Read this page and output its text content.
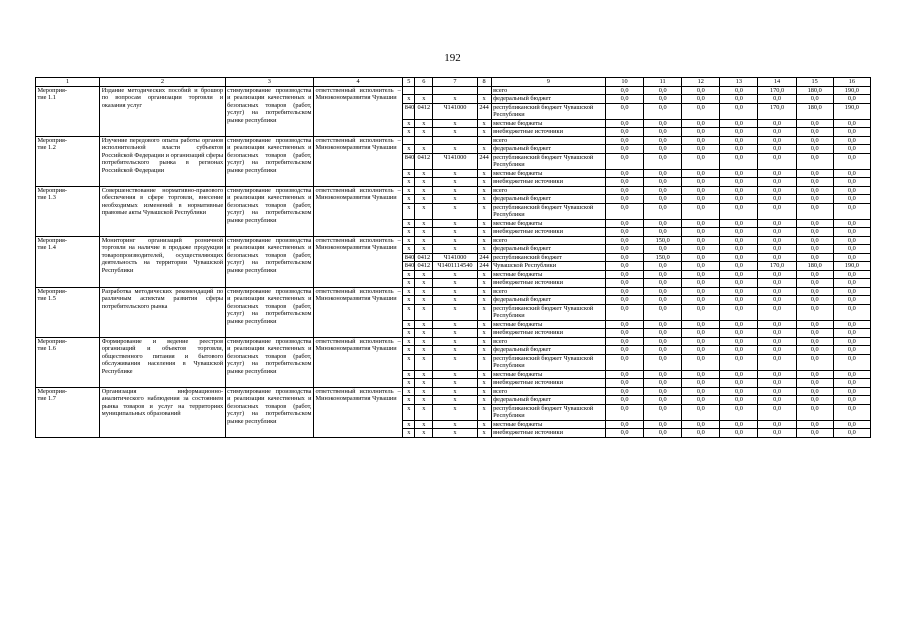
192
1	2	3	4	5	6	7	8	9	10	11	12	13	14	15	16
Мероприя-
тие 1.1	Издание методических пособий и брошюр по вопросам организации торговли и оказания услуг	стимулирование производства и реализации качественных и безопасных товаров (работ, услуг) на потребительском рынке республики	ответственный исполнитель – Минэкономразвития Чувашии					всего	0,0	0,0	0,0	0,0	170,0	180,0	190,0
				x	x	x	x	федеральный бюджет	0,0	0,0	0,0	0,0	0,0	0,0	0,0
				840	0412	Ч141000	244	республиканский бюджет Чувашской Республики	0,0	0,0	0,0	0,0	170,0	180,0	190,0
				x	x	x	x	местные бюджеты	0,0	0,0	0,0	0,0	0,0	0,0	0,0
				x	x	x	x	внебюджетные источники	0,0	0,0	0,0	0,0	0,0	0,0	0,0
Мероприя-
тие 1.2	Изучение передового опыта работы органов исполнительной власти субъектов Российской Федерации и организаций сферы потребительского рынка в регионах Российской Федерации	стимулирование производства и реализации качественных и безопасных товаров (работ, услуг) на потребительском рынке республики	ответственный исполнитель – Минэкономразвития Чувашии					всего	0,0	0,0	0,0	0,0	0,0	0,0	0,0
				x	x	x	x	федеральный бюджет	0,0	0,0	0,0	0,0	0,0	0,0	0,0
				840	0412	Ч141000	244	республиканский бюджет Чувашской Республики	0,0	0,0	0,0	0,0	0,0	0,0	0,0
				x	x	x	x	местные бюджеты	0,0	0,0	0,0	0,0	0,0	0,0	0,0
				x	x	x	x	внебюджетные источники	0,0	0,0	0,0	0,0	0,0	0,0	0,0
Мероприя-
тие 1.3	Совершенствование нормативно-правового обеспечения в сфере торговли, внесение необходимых изменений в нормативные правовые акты Чувашской Республики	стимулирование производства и реализации качественных и безопасных товаров (работ, услуг) на потребительском рынке республики	ответственный исполнитель – Минэкономразвития Чувашии	x	x	x	x	всего	0,0	0,0	0,0	0,0	0,0	0,0	0,0
				x	x	x	x	федеральный бюджет	0,0	0,0	0,0	0,0	0,0	0,0	0,0
				x	x	x	x	республиканский бюджет Чувашской Республики	0,0	0,0	0,0	0,0	0,0	0,0	0,0
				x	x	x	x	местные бюджеты	0,0	0,0	0,0	0,0	0,0	0,0	0,0
				x	x	x	x	внебюджетные источники	0,0	0,0	0,0	0,0	0,0	0,0	0,0
Мероприя-
тие 1.4	Мониторинг организаций розничной торговли на наличие в продаже продукции товаропроизводителей, осуществляющих деятельность на территории Чувашской Республики	стимулирование производства и реализации качественных и безопасных товаров (работ, услуг) на потребительском рынке республики	ответственный исполнитель – Минэкономразвития Чувашии	x	x	x	x	всего	0,0	150,0	0,0	0,0	0,0	0,0	0,0
				x	x	x	x	федеральный бюджет	0,0	0,0	0,0	0,0	0,0	0,0	0,0
				840	0412	Ч141000	244	республиканский бюджет	0,0	150,0	0,0	0,0	0,0	0,0	0,0
				840	0412	Ч1401114540	244	Чувашской Республики	0,0	0,0	0,0	0,0	170,0	180,0	190,0
				x	x	x	x	местные бюджеты	0,0	0,0	0,0	0,0	0,0	0,0	0,0
				x	x	x	x	внебюджетные источники	0,0	0,0	0,0	0,0	0,0	0,0	0,0
Мероприя-
тие 1.5	Разработка методических рекомендаций по различным аспектам развития сферы потребительского рынка	стимулирование производства и реализации качественных и безопасных товаров (работ, услуг) на потребительском рынке республики	ответственный исполнитель – Минэкономразвития Чувашии	x	x	x	x	всего	0,0	0,0	0,0	0,0	0,0	0,0	0,0
				x	x	x	x	федеральный бюджет	0,0	0,0	0,0	0,0	0,0	0,0	0,0
				x	x	x	x	республиканский бюджет Чувашской Республики	0,0	0,0	0,0	0,0	0,0	0,0	0,0
				x	x	x	x	местные бюджеты	0,0	0,0	0,0	0,0	0,0	0,0	0,0
				x	x	x	x	внебюджетные источники	0,0	0,0	0,0	0,0	0,0	0,0	0,0
Мероприя-
тие 1.6	Формирование и ведение реестров организаций и объектов торговли, общественного питания и бытового обслуживания населения в Чувашской Республике	стимулирование производства и реализации качественных и безопасных товаров (работ, услуг) на потребительском рынке республики	ответственный исполнитель – Минэкономразвития Чувашии	x	x	x	x	всего	0,0	0,0	0,0	0,0	0,0	0,0	0,0
				x	x	x	x	федеральный бюджет	0,0	0,0	0,0	0,0	0,0	0,0	0,0
				x	x	x	x	республиканский бюджет Чувашской Республики	0,0	0,0	0,0	0,0	0,0	0,0	0,0
				x	x	x	x	местные бюджеты	0,0	0,0	0,0	0,0	0,0	0,0	0,0
				x	x	x	x	внебюджетные источники	0,0	0,0	0,0	0,0	0,0	0,0	0,0
Мероприя-
тие 1.7	Организация информационно-аналитического наблюдения за состоянием рынка товаров и услуг на территориях муниципальных образований	стимулирование производства и реализации качественных и безопасных товаров (работ, услуг) на потребительском рынке республики	ответственный исполнитель – Минэкономразвития Чувашии	x	x	x	x	всего	0,0	0,0	0,0	0,0	0,0	0,0	0,0
				x	x	x	x	федеральный бюджет	0,0	0,0	0,0	0,0	0,0	0,0	0,0
				x	x	x	x	республиканский бюджет Чувашской Республики	0,0	0,0	0,0	0,0	0,0	0,0	0,0
				x	x	x	x	местные бюджеты	0,0	0,0	0,0	0,0	0,0	0,0	0,0
				x	x	x	x	внебюджетные источники	0,0	0,0	0,0	0,0	0,0	0,0	0,0
